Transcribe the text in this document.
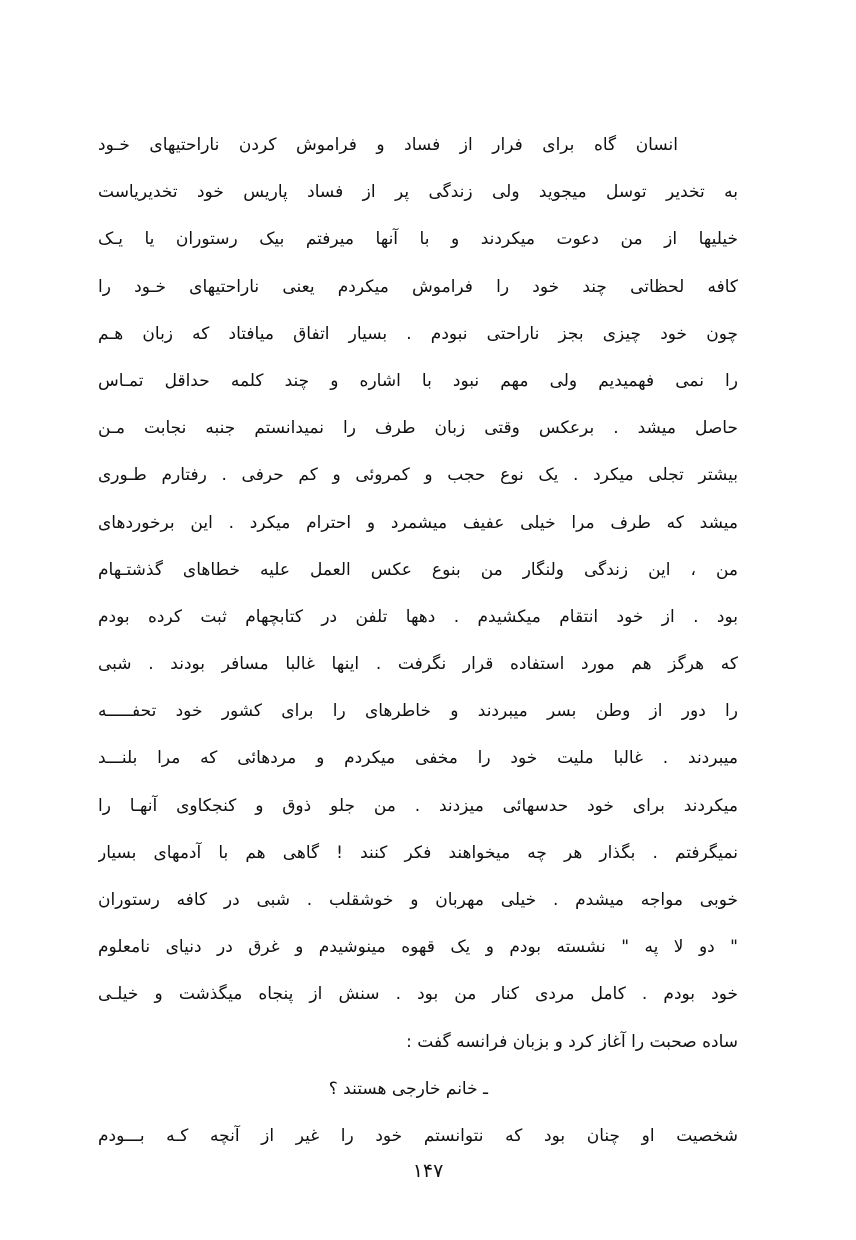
انسان گاه برای فرار از فساد و فراموش کردن ناراحتیهای خـود
به تخدیر توسل میجوید ولی زندگی پر از فساد پاریس خود تخدیریاست
خیلیها از من دعوت میکردند و با آنها میرفتم بیک رستوران یا یـک
کافه لحظاتی چند خود را فراموش میکردم یعنی ناراحتیهای خـود را
چون خود چیزی بجز ناراحتی نبودم . بسیار اتفاق میافتاد که زبان هـم
را نمی فهمیدیم ولی مهم نبود با اشاره و چند کلمه حداقل تمـاس
حاصل میشد . برعکس وقتی زبان طرف را نمیدانستم جنبه نجابت مـن
بیشتر تجلی میکرد . یک نوع حجب و کمروئی و کم حرفی . رفتارم طـوری
میشد که طرف مرا خیلی عفیف میشمرد و احترام میکرد . این برخوردهای
من ، این زندگی ولنگار من بنوع عکس العمل علیه خطاهای گذشتـهام
بود . از خود انتقام میکشیدم . دهها تلفن در کتابچهام ثبت کرده بودم
که هرگز هم مورد استفاده قرار نگرفت . اینها غالبا مسافر بودند . شبی
را دور از وطن بسر میبردند و خاطرهای را برای کشور خود تحفـــــه
میبردند . غالبا ملیت خود را مخفی میکردم و مردهائی که مرا بلنـــد
میکردند برای خود حدسهائی میزدند . من جلو ذوق و کنجکاوی آنهـا را
نمیگرفتم . بگذار هر چه میخواهند فکر کنند ! گاهی هم با آدمهای بسیار
خوبی مواجه میشدم . خیلی مهربان و خوشقلب . شبی در کافه رستوران
" دو لا په " نشسته بودم و یک قهوه مینوشیدم و غرق در دنیای نامعلوم
خود بودم . کامل مردی کنار من بود . سنش از پنجاه میگذشت و خیلـی
ساده صحبت را آغاز کرد و بزبان فرانسه گفت :
ـ خانم خارجی هستند ؟
شخصیت او چنان بود که نتوانستم خود را غیر از آنچه کـه بـــودم
۱۴۷
